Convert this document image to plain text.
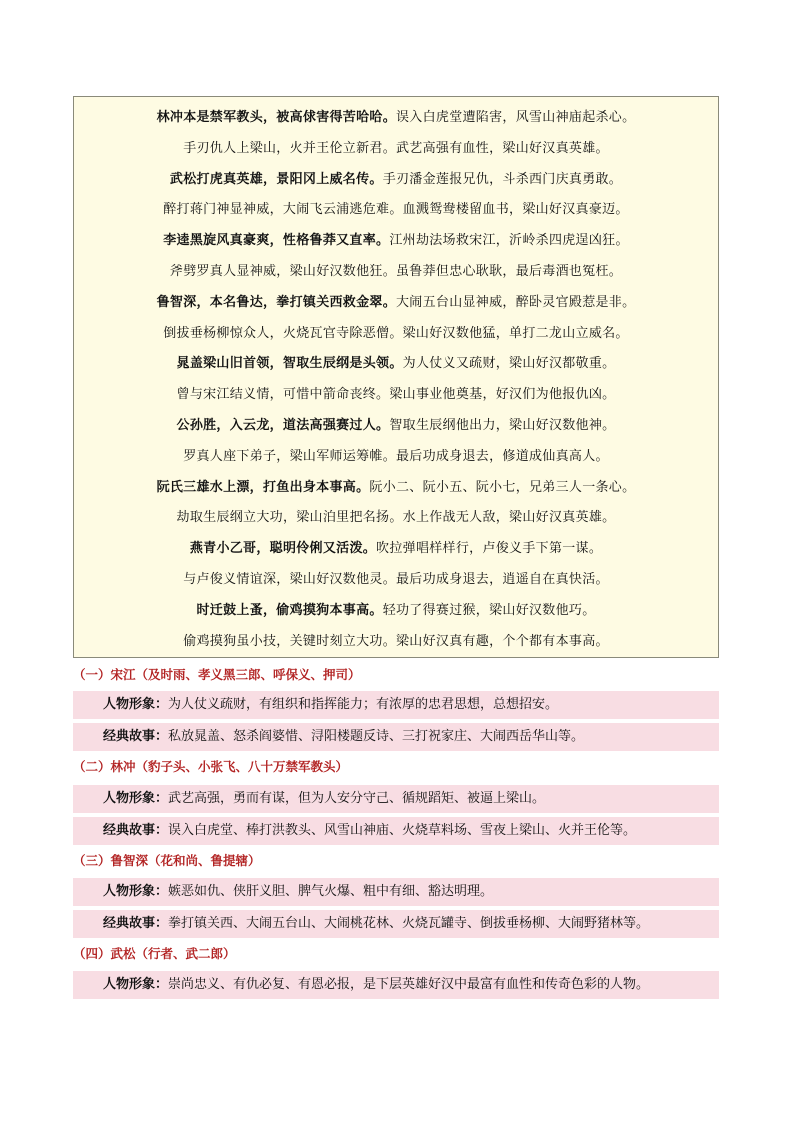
林冲本是禁军教头，被高俅害得苦哈哈。误入白虎堂遭陷害，风雪山神庙起杀心。
手刃仇人上梁山，火并王伦立新君。武艺高强有血性，梁山好汉真英雄。
武松打虎真英雄，景阳冈上威名传。手刃潘金莲报兄仇，斗杀西门庆真勇敢。
醉打蒋门神显神威，大闹飞云浦逃危难。血溅鸳鸯楼留血书，梁山好汉真豪迈。
李逵黑旋风真豪爽，性格鲁莽又直率。江州劫法场救宋江，沂岭杀四虎逞凶狂。
斧劈罗真人显神威，梁山好汉数他狂。虽鲁莽但忠心耿耿，最后毒酒也冤枉。
鲁智深，本名鲁达，拳打镇关西救金翠。大闹五台山显神威，醉卧灵官殿惹是非。
倒拔垂杨柳惊众人，火烧瓦官寺除恶僧。梁山好汉数他猛，单打二龙山立威名。
晁盖梁山旧首领，智取生辰纲是头领。为人仗义又疏财，梁山好汉都敬重。
曾与宋江结义情，可惜中箭命丧终。梁山事业他奠基，好汉们为他报仇凶。
公孙胜，入云龙，道法高强赛过人。智取生辰纲他出力，梁山好汉数他神。
罗真人座下弟子，梁山军师运筹帷。最后功成身退去，修道成仙真高人。
阮氏三雄水上漂，打鱼出身本事高。阮小二、阮小五、阮小七，兄弟三人一条心。
劫取生辰纲立大功，梁山泊里把名扬。水上作战无人敌，梁山好汉真英雄。
燕青小乙哥，聪明伶俐又活泼。吹拉弹唱样样行，卢俊义手下第一谋。
与卢俊义情谊深，梁山好汉数他灵。最后功成身退去，逍遥自在真快活。
时迁鼓上蚤，偷鸡摸狗本事高。轻功了得赛过猴，梁山好汉数他巧。
偷鸡摸狗虽小技，关键时刻立大功。梁山好汉真有趣，个个都有本事高。
（一）宋江（及时雨、孝义黑三郎、呼保义、押司）
人物形象：为人仗义疏财，有组织和指挥能力；有浓厚的忠君思想，总想招安。
经典故事：私放晁盖、怒杀阎婆惜、浔阳楼题反诗、三打祝家庄、大闹西岳华山等。
（二）林冲（豹子头、小张飞、八十万禁军教头）
人物形象：武艺高强，勇而有谋，但为人安分守己、循规蹈矩、被逼上梁山。
经典故事：误入白虎堂、棒打洪教头、风雪山神庙、火烧草料场、雪夜上梁山、火并王伦等。
（三）鲁智深（花和尚、鲁提辖）
人物形象：嫉恶如仇、侠肝义胆、脾气火爆、粗中有细、豁达明理。
经典故事：拳打镇关西、大闹五台山、大闹桃花林、火烧瓦罐寺、倒拔垂杨柳、大闹野猪林等。
（四）武松（行者、武二郎）
人物形象：崇尚忠义、有仇必复、有恩必报，是下层英雄好汉中最富有血性和传奇色彩的人物。
